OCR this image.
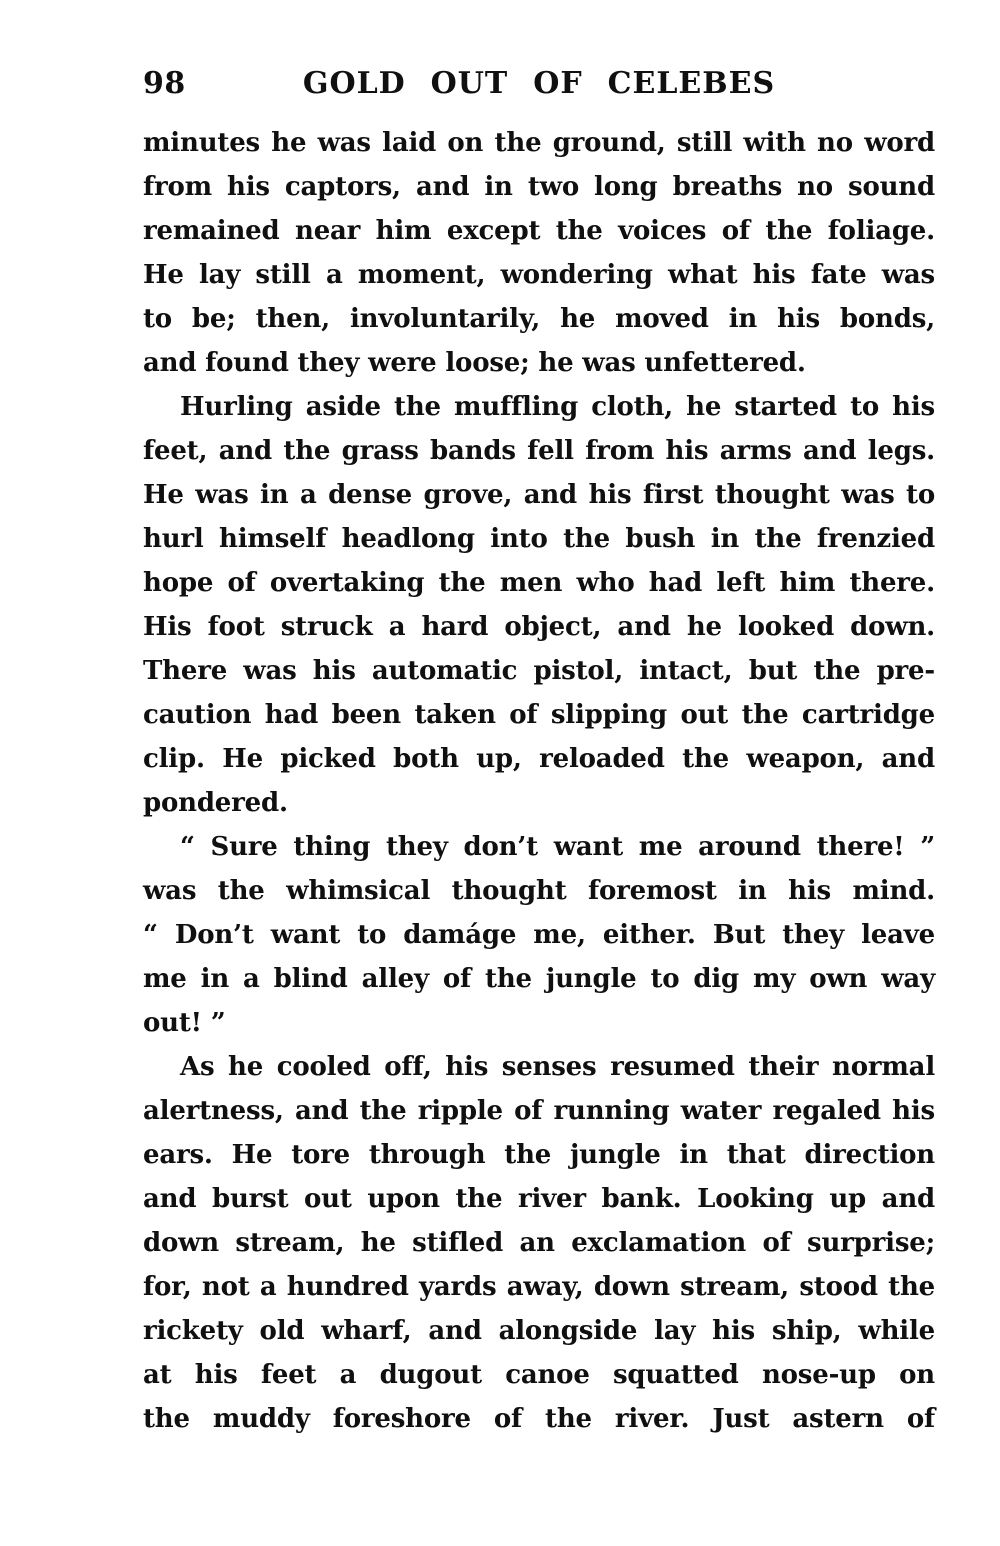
98	GOLD OUT OF CELEBES
minutes he was laid on the ground, still with no word
from his captors, and in two long breaths no sound
remained near him except the voices of the foliage.
He lay still a moment, wondering what his fate was
to be; then, involuntarily, he moved in his bonds,
and found they were loose; he was unfettered.
Hurling aside the muffling cloth, he started to his
feet, and the grass bands fell from his arms and legs.
He was in a dense grove, and his first thought was to
hurl himself headlong into the bush in the frenzied
hope of overtaking the men who had left him there.
His foot struck a hard object, and he looked down.
There was his automatic pistol, intact, but the pre-
caution had been taken of slipping out the cartridge
clip. He picked both up, reloaded the weapon, and
pondered.
“ Sure thing they don’t want me around there! ”
was the whimsical thought foremost in his mind.
“ Don’t want to damáge me, either. But they leave
me in a blind alley of the jungle to dig my own way
out! ”
As he cooled off, his senses resumed their normal
alertness, and the ripple of running water regaled his
ears. He tore through the jungle in that direction
and burst out upon the river bank. Looking up and
down stream, he stifled an exclamation of surprise;
for, not a hundred yards away, down stream, stood the
rickety old wharf, and alongside lay his ship, while
at his feet a dugout canoe squatted nose-up on
the muddy foreshore of the river. Just astern of
